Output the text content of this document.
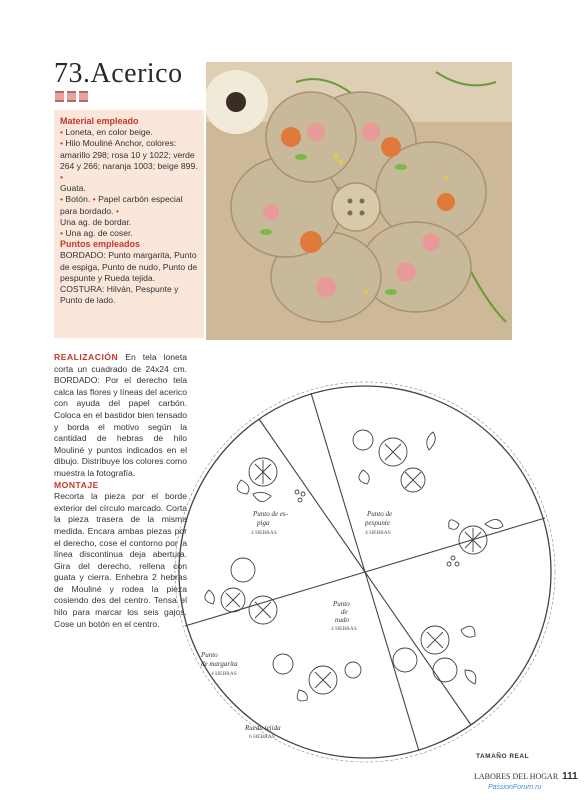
73.Acerico
Material empleado
• Loneta, en color beige.
• Hilo Mouliné Anchor, colores: amarillo 298; rosa 10 y 1022; verde 264 y 266; naranja 1003; beige 899. •
Guata.
• Botón. • Papel carbón especial para bordado. •
Una ag. de bordar.
• Una ag. de coser.
Puntos empleados
BORDADO: Punto margarita, Punto de espiga, Punto de nudo, Punto de pespunte y Rueda tejida. COSTURA: Hilván, Pespunte y Punto de lado.

REALIZACIÓN En tela loneta corta un cuadrado de 24x24 cm. BORDADO: Por el derecho tela calca las flores y líneas del acerico con ayuda del papel carbón. Coloca en el bastidor bien tensado y borda el motivo según la cantidad de hebras de hilo Mouliné y puntos indicados en el dibujo. Distribuye los colores como muestra la fotografía.

MONTAJE

Recorta la pieza por el borde exterior del círculo marcado. Corta la pieza trasera de la misma medida. Encara ambas piezas por el derecho, cose el contorno por la línea discontinua deja abertura. Gira del derecho, rellena con guata y cierra. Enhebra 2 hebras de Mouliné y rodea la pieza cosiendo des del centro. Tensa el hilo para marcar los seis gajos. Cose un botón en el centro.

Punto de es-
piga
4 HEBRAS
Punto de
pespunte
4 HEBRAS
Punto
de
nudo
4 HEBRAS
Punto
de margarita
4 HEBRAS
Rueda tejida
6 HEBRAS
TAMAÑO REAL
LABORES DEL HOGAR 111
PassionForum.ru
